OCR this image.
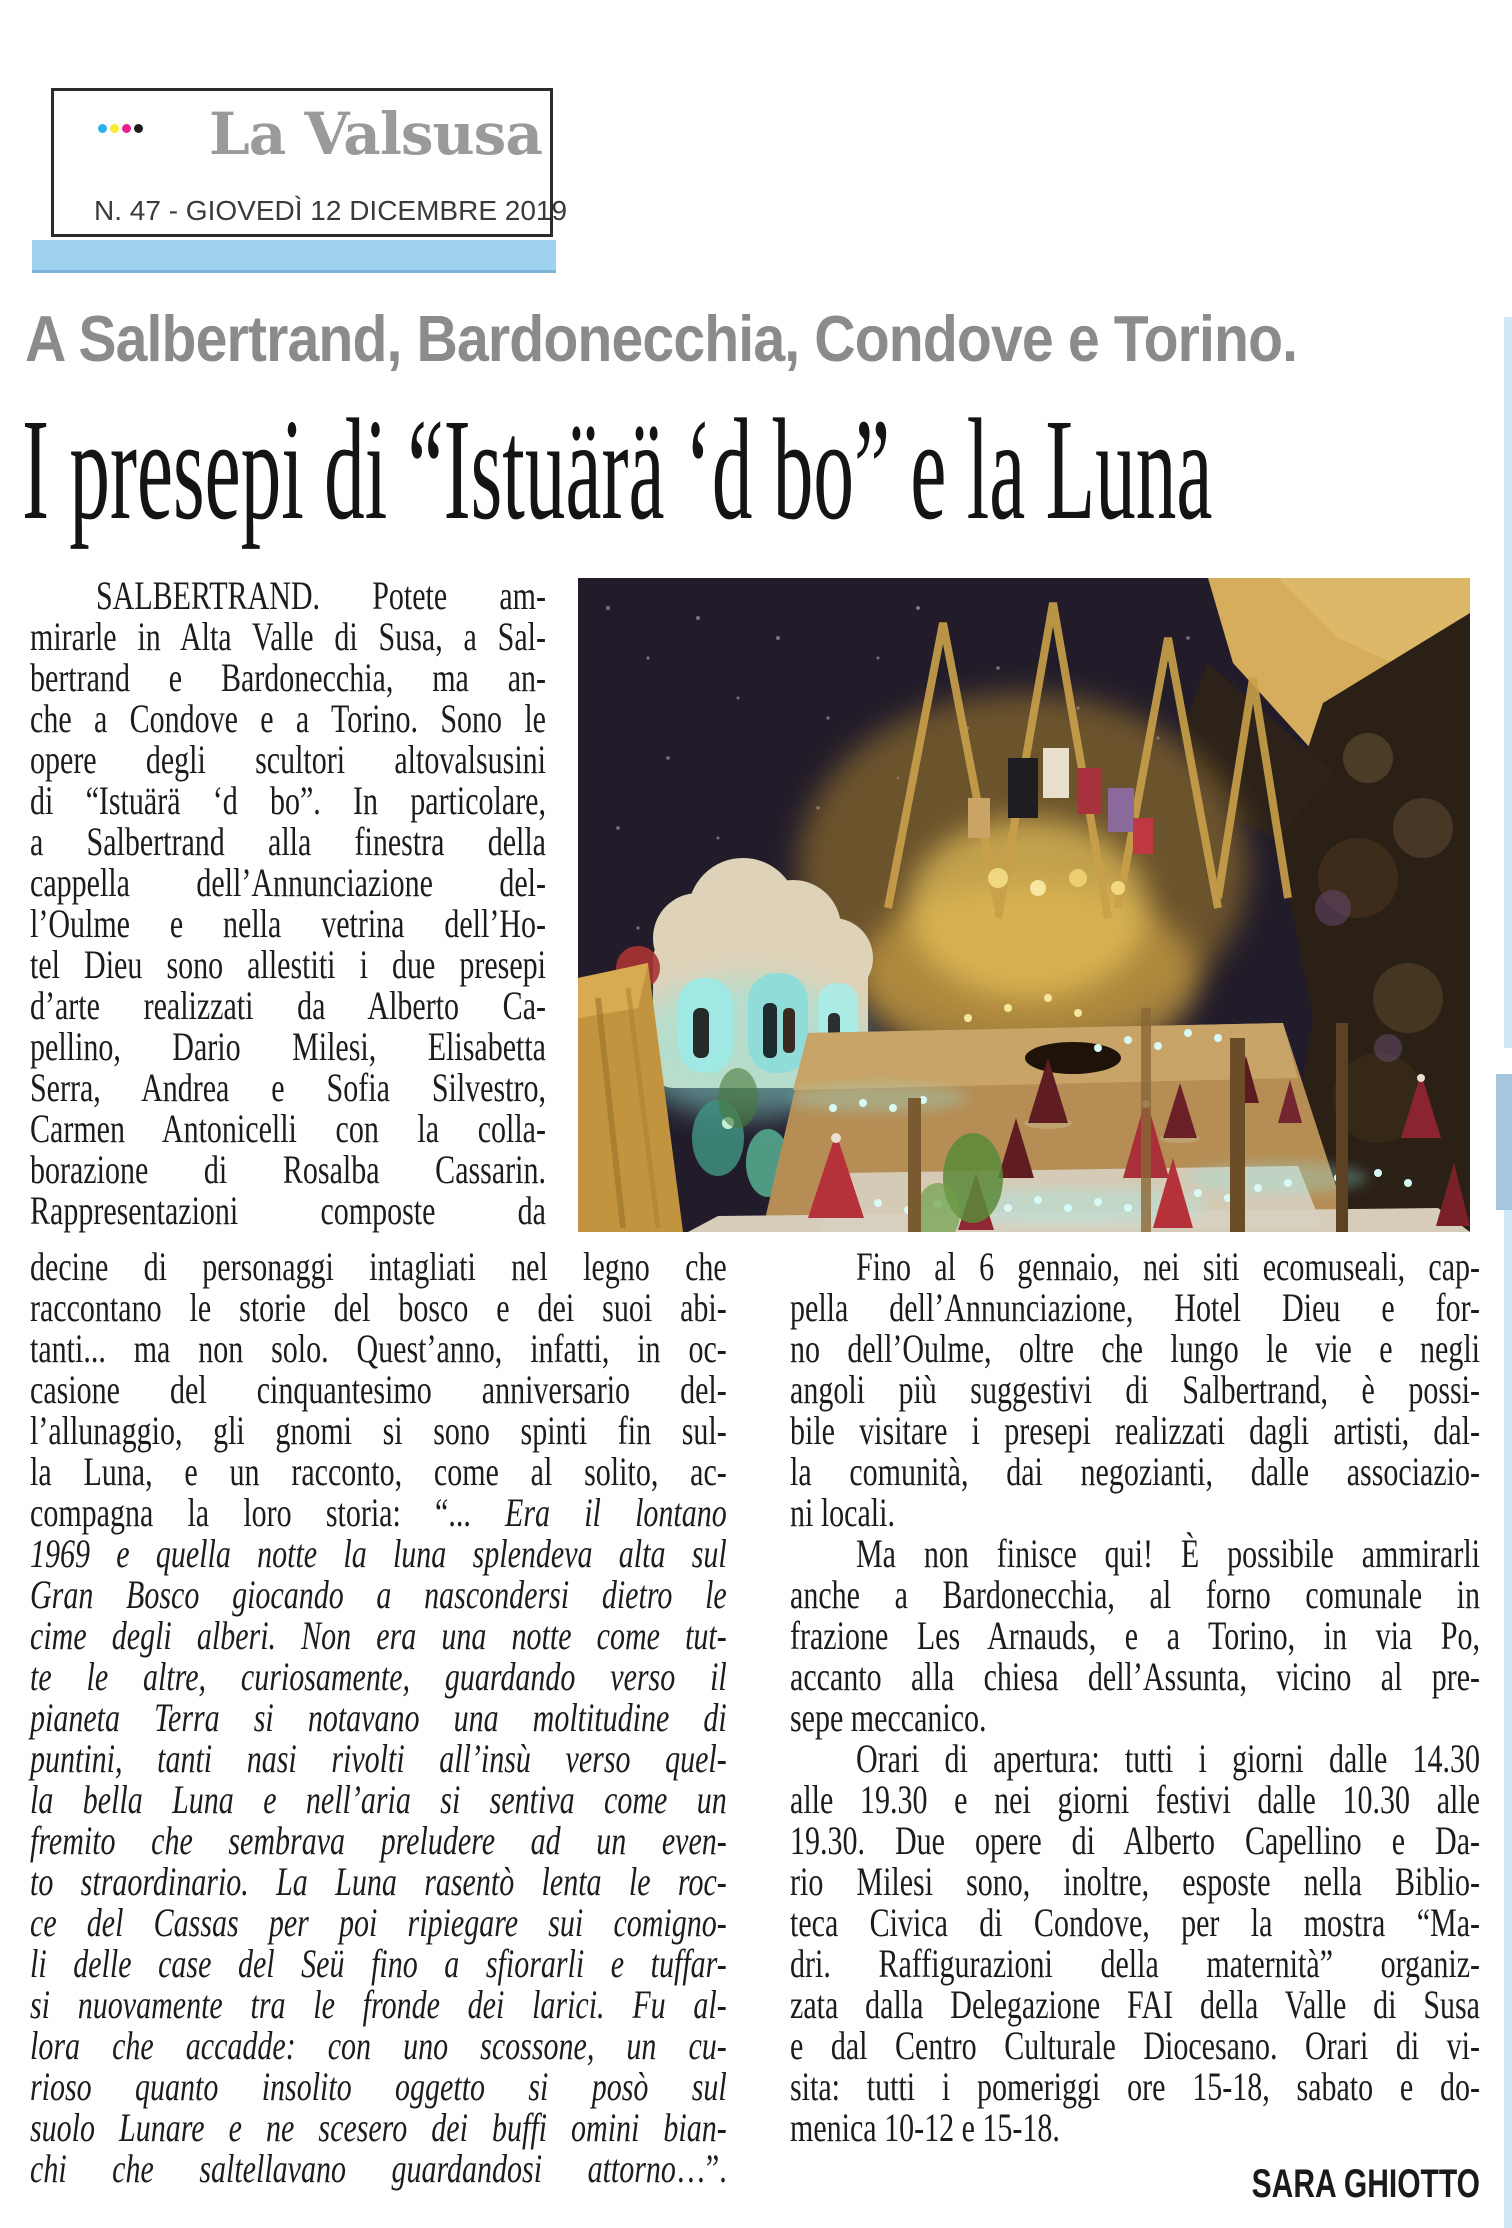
La Valsusa
N. 47 - GIOVEDÌ 12 DICEMBRE 2019
A Salbertrand, Bardonecchia, Condove e Torino.
I presepi di “Istuärä ‘d bo” e la Luna
SALBERTRAND. Potete am-
mirarle in Alta Valle di Susa, a Sal-
bertrand e Bardonecchia, ma an-
che a Condove e a Torino. Sono le
opere degli scultori altovalsusini
di “Istuärä ‘d bo”. In particolare,
a Salbertrand alla finestra della
cappella dell’Annunciazione del-
l’Oulme e nella vetrina dell’Ho-
tel Dieu sono allestiti i due presepi
d’arte realizzati da Alberto Ca-
pellino, Dario Milesi, Elisabetta
Serra, Andrea e Sofia Silvestro,
Carmen Antonicelli con la colla-
borazione di Rosalba Cassarin.
Rappresentazioni composte da
decine di personaggi intagliati nel legno che
raccontano le storie del bosco e dei suoi abi-
tanti... ma non solo. Quest’anno, infatti, in oc-
casione del cinquantesimo anniversario del-
l’allunaggio, gli gnomi si sono spinti fin sul-
la Luna, e un racconto, come al solito, ac-
compagna la loro storia: “... Era il lontano
1969 e quella notte la luna splendeva alta sul
Gran Bosco giocando a nascondersi dietro le
cime degli alberi. Non era una notte come tut-
te le altre, curiosamente, guardando verso il
pianeta Terra si notavano una moltitudine di
puntini, tanti nasi rivolti all’insù verso quel-
la bella Luna e nell’aria si sentiva come un
fremito che sembrava preludere ad un even-
to straordinario. La Luna rasentò lenta le roc-
ce del Cassas per poi ripiegare sui comigno-
li delle case del Seü fino a sfiorarli e tuffar-
si nuovamente tra le fronde dei larici. Fu al-
lora che accadde: con uno scossone, un cu-
rioso quanto insolito oggetto si posò sul
suolo Lunare e ne scesero dei buffi omini bian-
chi che saltellavano guardandosi attorno…”.
Fino al 6 gennaio, nei siti ecomuseali, cap-
pella dell’Annunciazione, Hotel Dieu e for-
no dell’Oulme, oltre che lungo le vie e negli
angoli più suggestivi di Salbertrand, è possi-
bile visitare i presepi realizzati dagli artisti, dal-
la comunità, dai negozianti, dalle associazio-
ni locali.
Ma non finisce qui! È possibile ammirarli
anche a Bardonecchia, al forno comunale in
frazione Les Arnauds, e a Torino, in via Po,
accanto alla chiesa dell’Assunta, vicino al pre-
sepe meccanico.
Orari di apertura: tutti i giorni dalle 14.30
alle 19.30 e nei giorni festivi dalle 10.30 alle
19.30. Due opere di Alberto Capellino e Da-
rio Milesi sono, inoltre, esposte nella Biblio-
teca Civica di Condove, per la mostra “Ma-
dri. Raffigurazioni della maternità” organiz-
zata dalla Delegazione FAI della Valle di Susa
e dal Centro Culturale Diocesano. Orari di vi-
sita: tutti i pomeriggi ore 15-18, sabato e do-
menica 10-12 e 15-18.
SARA GHIOTTO
